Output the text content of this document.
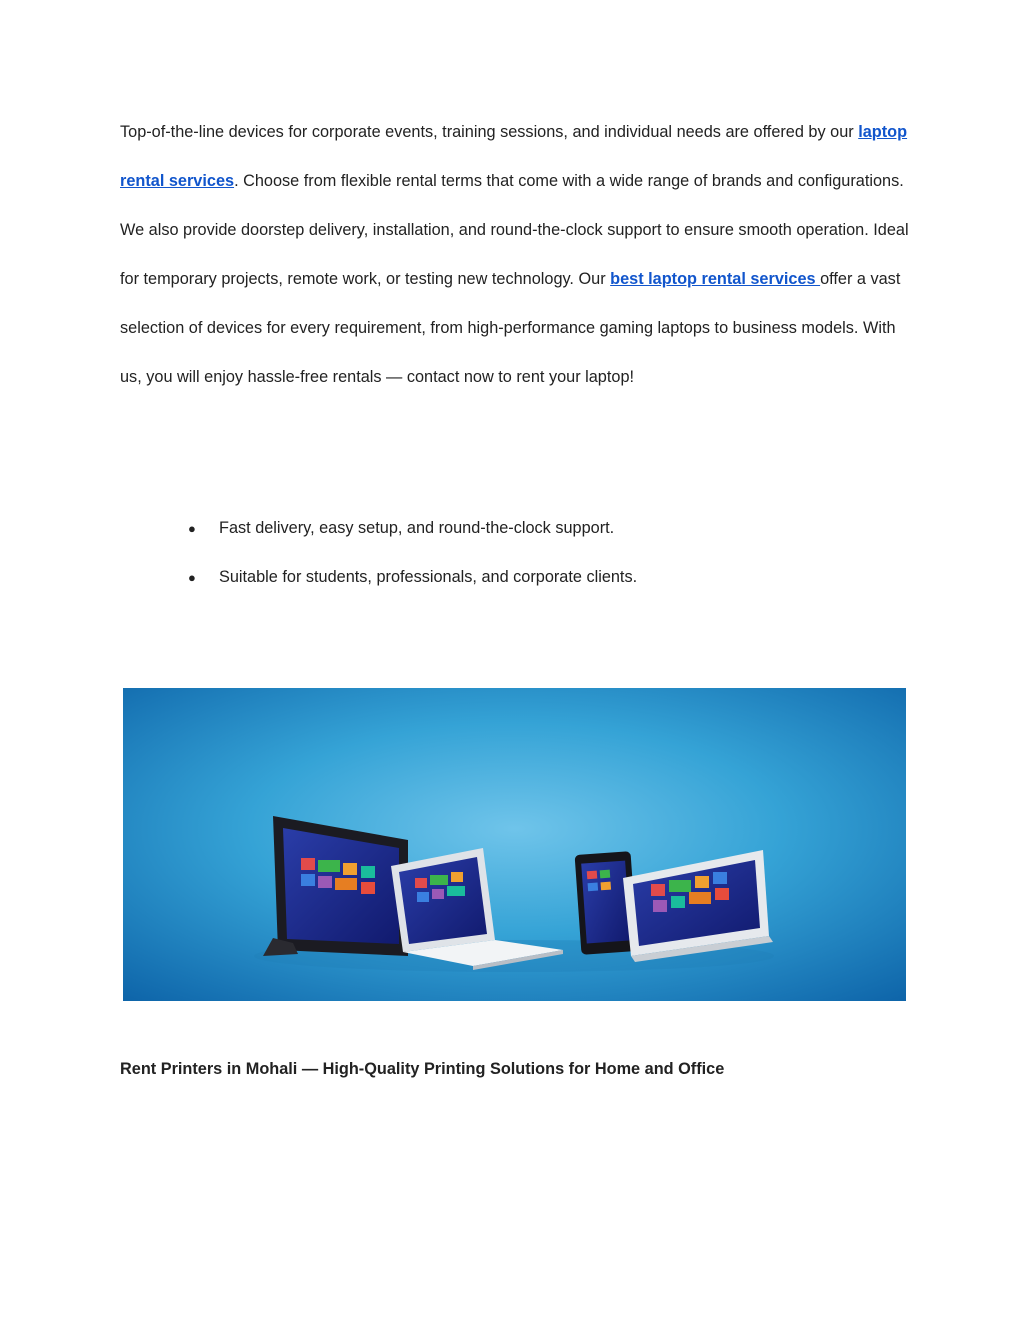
Top-of-the-line devices for corporate events, training sessions, and individual needs are offered by our laptop rental services. Choose from flexible rental terms that come with a wide range of brands and configurations. We also provide doorstep delivery, installation, and round-the-clock support to ensure smooth operation. Ideal for temporary projects, remote work, or testing new technology. Our best laptop rental services offer a vast selection of devices for every requirement, from high-performance gaming laptops to business models. With us, you will enjoy hassle-free rentals — contact now to rent your laptop!

●	Fast delivery, easy setup, and round-the-clock support.
●	Suitable for students, professionals, and corporate clients.

Rent Printers in Mohali — High-Quality Printing Solutions for Home and Office
